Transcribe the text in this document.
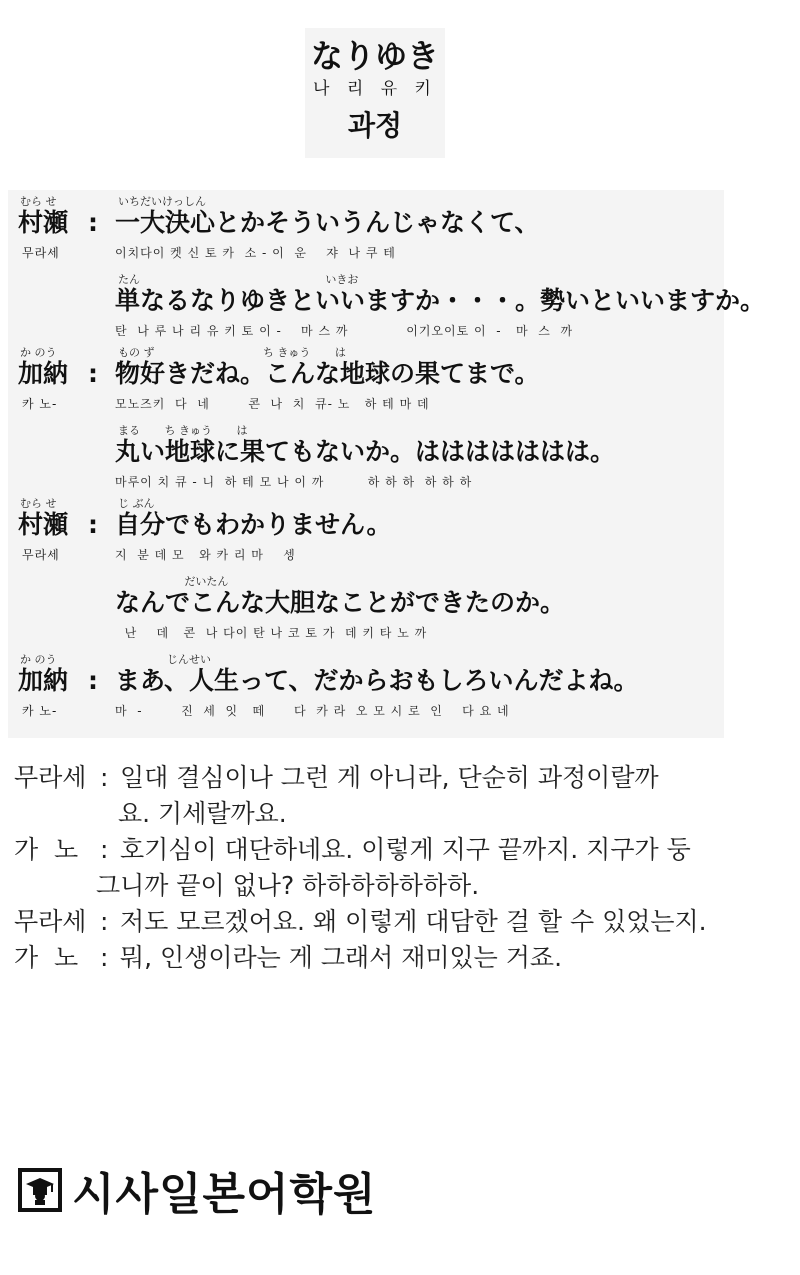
なりゆき
나 리 유 키
과정
むら せ	いちだいけっしん
村瀬 : 一大決心とかそういうんじゃなくて、
무라세	이치다이 켓 신 토 카  소 - 이  운    쟈  나 쿠 테
たん                                                     いきお
単なるなりゆきといいますか・・・。勢いといいますか。
탄  나 루 나 리 유 키 토 이 -    마 스 까            이기오이토 이  -   마  스  까
か のう	もの ず                               ち きゅう       は
加納 : 物好きだね。こんな地球の果てまで。
카 노-	모노즈키  다  네        콘  나  치  큐- 노   하 테 마 데
まる       ち きゅう       は
丸い地球に果てもないか。ははははははは。
마루이 치 큐 - 니  하 테 모 나 이 까         하 하 하  하 하 하
むら せ	じ ぶん
村瀬 : 自分でもわかりません。
무라세	지  분 데 모   와 카 리 마    셍
だいたん
なんでこんな大胆なことができたのか。
난    데   콘  나 다이 탄 나 코 토 가  데 키 타 노 까
か のう	じんせい
加納 : まあ、人生って、だからおもしろいんだよね。
카 노-	마  -        진  세  잇   떼      다  카 라  오 모 시 로  인    다 요 네
무라세 : 일대 결심이나 그런 게 아니라, 단순히 과정이랄까
요. 기세랄까요.
가  노 : 호기심이 대단하네요. 이렇게 지구 끝까지. 지구가 둥
그니까 끝이 없나? 하하하하하하하.
무라세 : 저도 모르겠어요. 왜 이렇게 대담한 걸 할 수 있었는지.
가  노 : 뭐, 인생이라는 게 그래서 재미있는 거죠.
시사일본어학원
